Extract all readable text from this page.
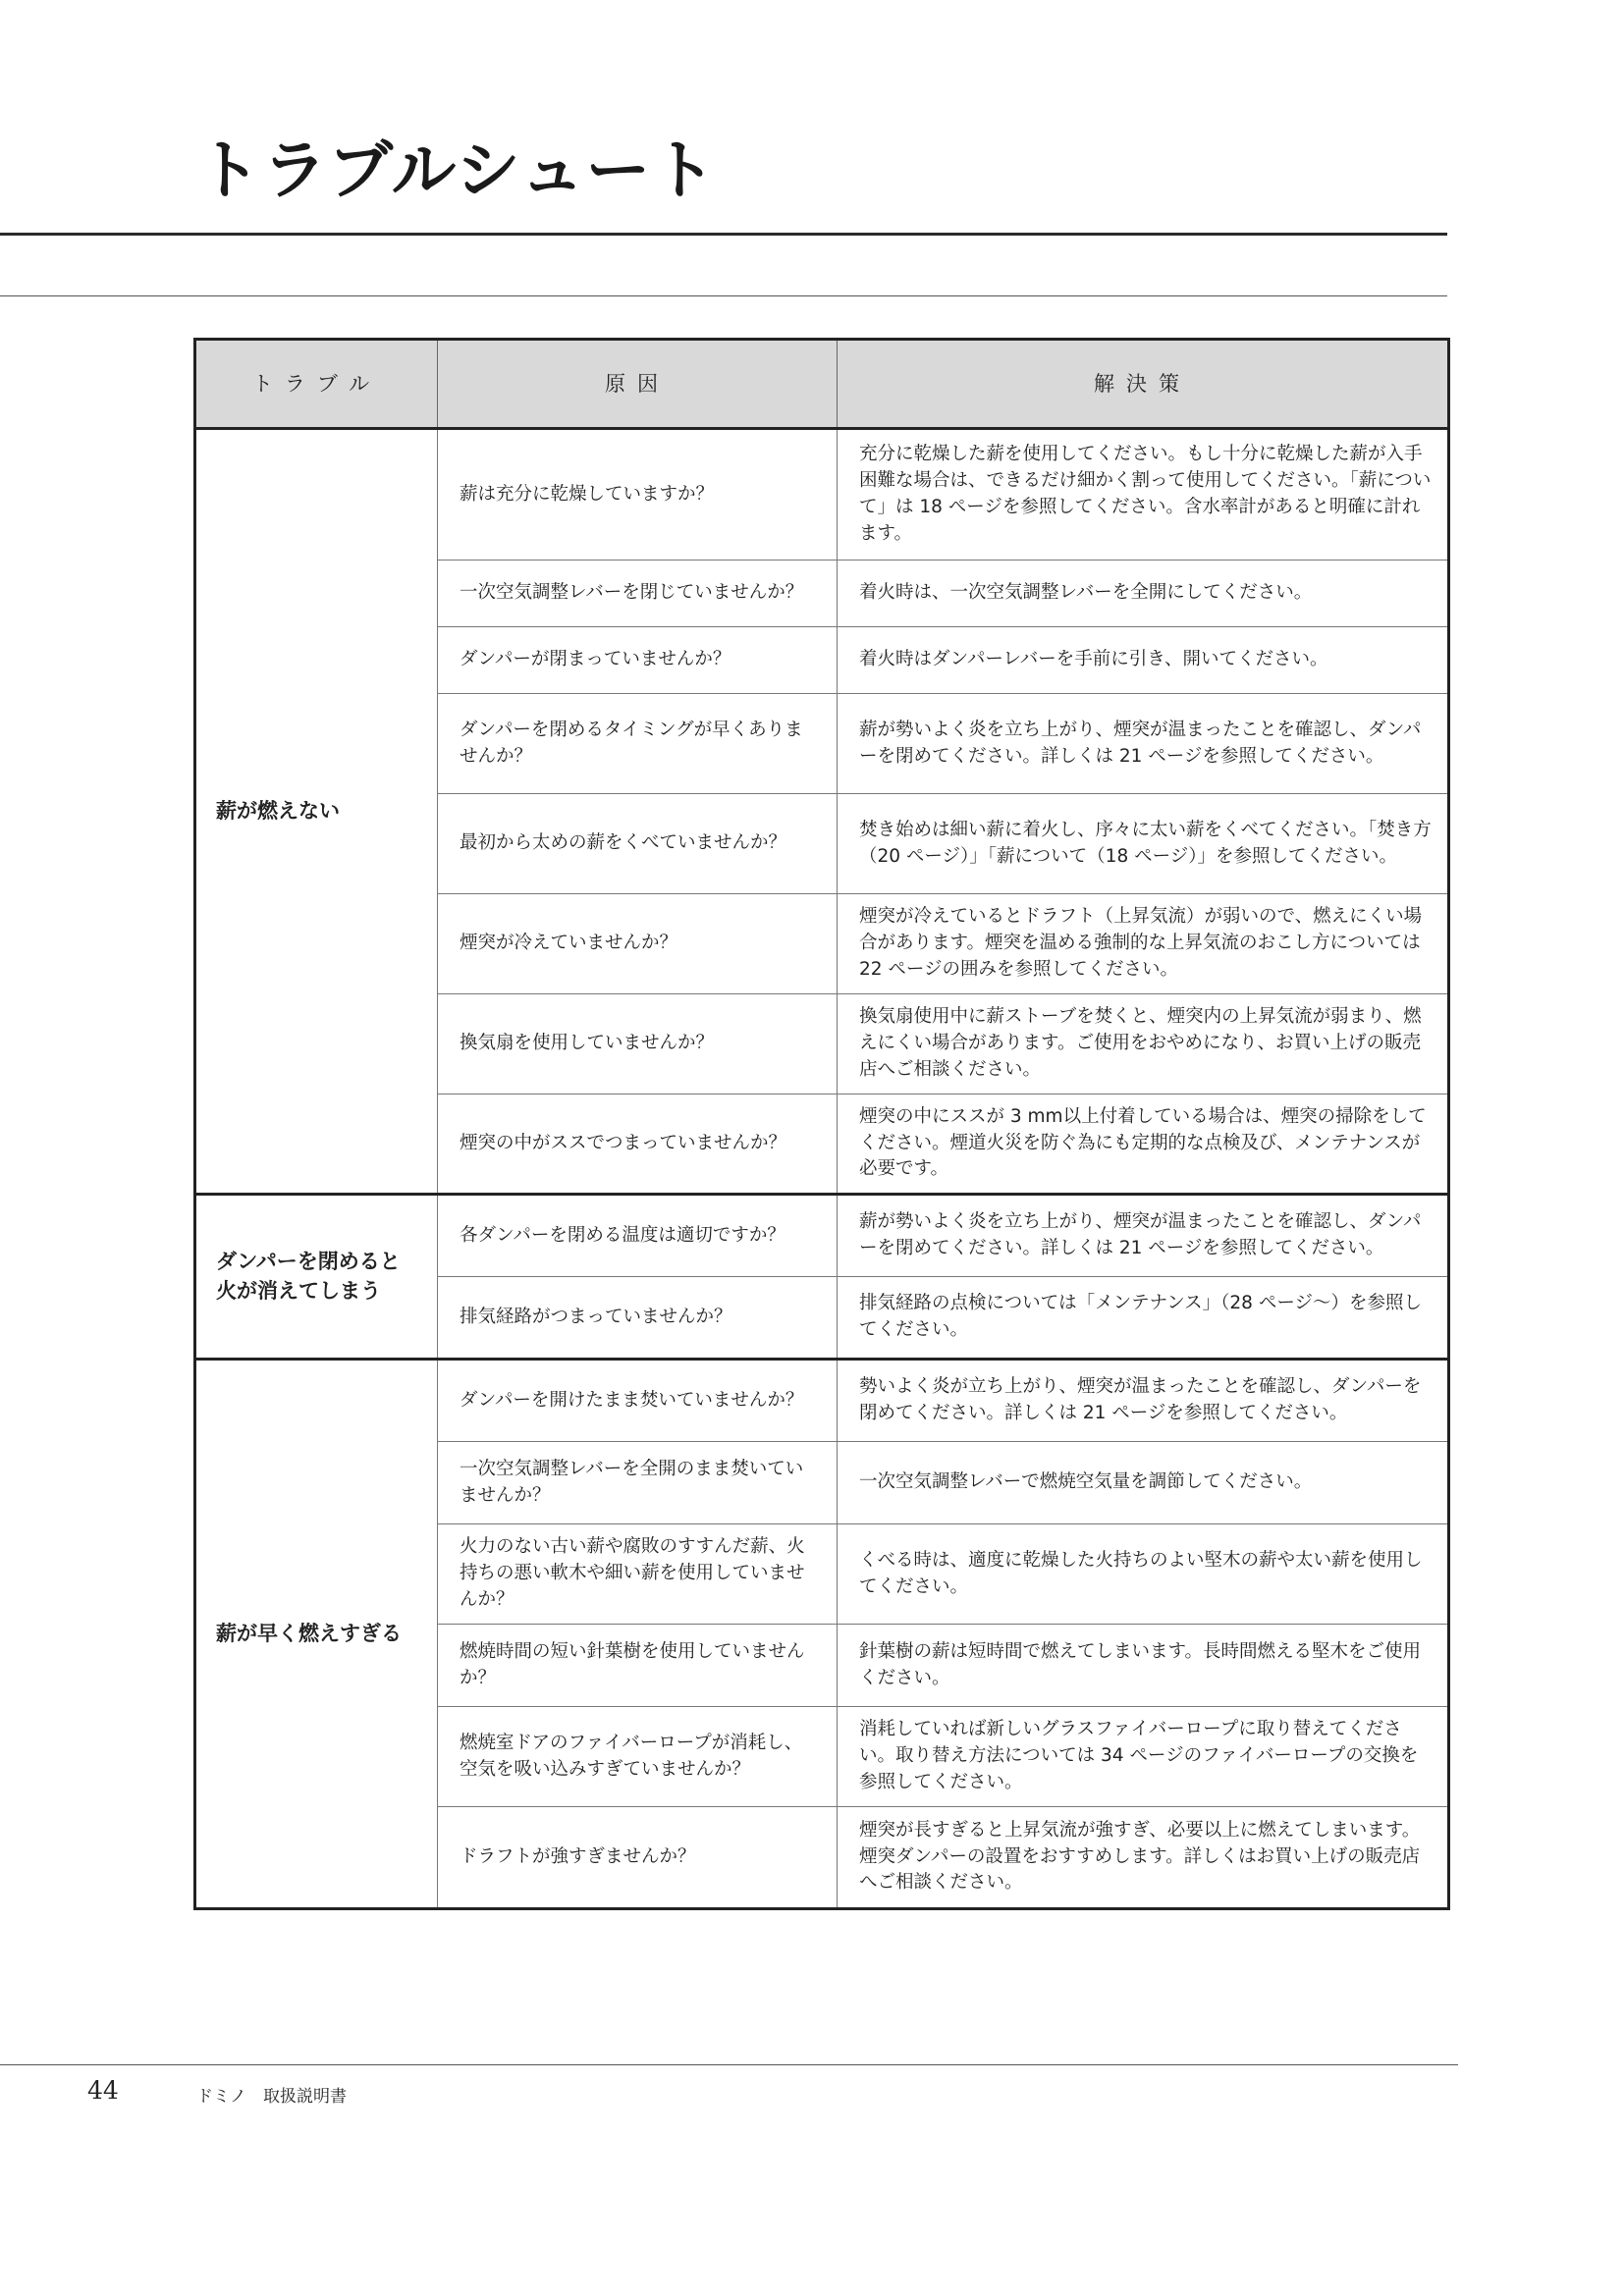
トラブルシュート
トラブル	原因	解決策
薪が燃えない	薪は充分に乾燥していますか？	充分に乾燥した薪を使用してください。もし十分に乾燥した薪が入手困難な場合は、できるだけ細かく割って使用してください。「薪について」は 18 ページを参照してください。含水率計があると明確に計れます。
	一次空気調整レバーを閉じていませんか？	着火時は、一次空気調整レバーを全開にしてください。
	ダンパーが閉まっていませんか？	着火時はダンパーレバーを手前に引き、開いてください。
	ダンパーを閉めるタイミングが早くありませんか？	薪が勢いよく炎を立ち上がり、煙突が温まったことを確認し、ダンパーを閉めてください。詳しくは 21 ページを参照してください。
	最初から太めの薪をくべていませんか？	焚き始めは細い薪に着火し、序々に太い薪をくべてください。「焚き方（20 ページ）」「薪について（18 ページ）」を参照してください。
	煙突が冷えていませんか？	煙突が冷えているとドラフト（上昇気流）が弱いので、燃えにくい場合があります。煙突を温める強制的な上昇気流のおこし方については 22 ページの囲みを参照してください。
	換気扇を使用していませんか？	換気扇使用中に薪ストーブを焚くと、煙突内の上昇気流が弱まり、燃えにくい場合があります。ご使用をおやめになり、お買い上げの販売店へご相談ください。
	煙突の中がススでつまっていませんか？	煙突の中にススが 3 mm以上付着している場合は、煙突の掃除をしてください。煙道火災を防ぐ為にも定期的な点検及び、メンテナンスが必要です。
ダンパーを閉めると火が消えてしまう	各ダンパーを閉める温度は適切ですか？	薪が勢いよく炎を立ち上がり、煙突が温まったことを確認し、ダンパーを閉めてください。詳しくは 21 ページを参照してください。
	排気経路がつまっていませんか？	排気経路の点検については「メンテナンス」（28 ページ〜）を参照してください。
薪が早く燃えすぎる	ダンパーを開けたまま焚いていませんか？	勢いよく炎が立ち上がり、煙突が温まったことを確認し、ダンパーを閉めてください。詳しくは 21 ページを参照してください。
	一次空気調整レバーを全開のまま焚いていませんか？	一次空気調整レバーで燃焼空気量を調節してください。
	火力のない古い薪や腐敗のすすんだ薪、火持ちの悪い軟木や細い薪を使用していませんか？	くべる時は、適度に乾燥した火持ちのよい堅木の薪や太い薪を使用してください。
	燃焼時間の短い針葉樹を使用していませんか？	針葉樹の薪は短時間で燃えてしまいます。長時間燃える堅木をご使用ください。
	燃焼室ドアのファイバーロープが消耗し、空気を吸い込みすぎていませんか？	消耗していれば新しいグラスファイバーロープに取り替えてください。取り替え方法については 34 ページのファイバーロープの交換を参照してください。
	ドラフトが強すぎませんか？	煙突が長すぎると上昇気流が強すぎ、必要以上に燃えてしまいます。煙突ダンパーの設置をおすすめします。詳しくはお買い上げの販売店へご相談ください。
44	ドミノ　取扱説明書
